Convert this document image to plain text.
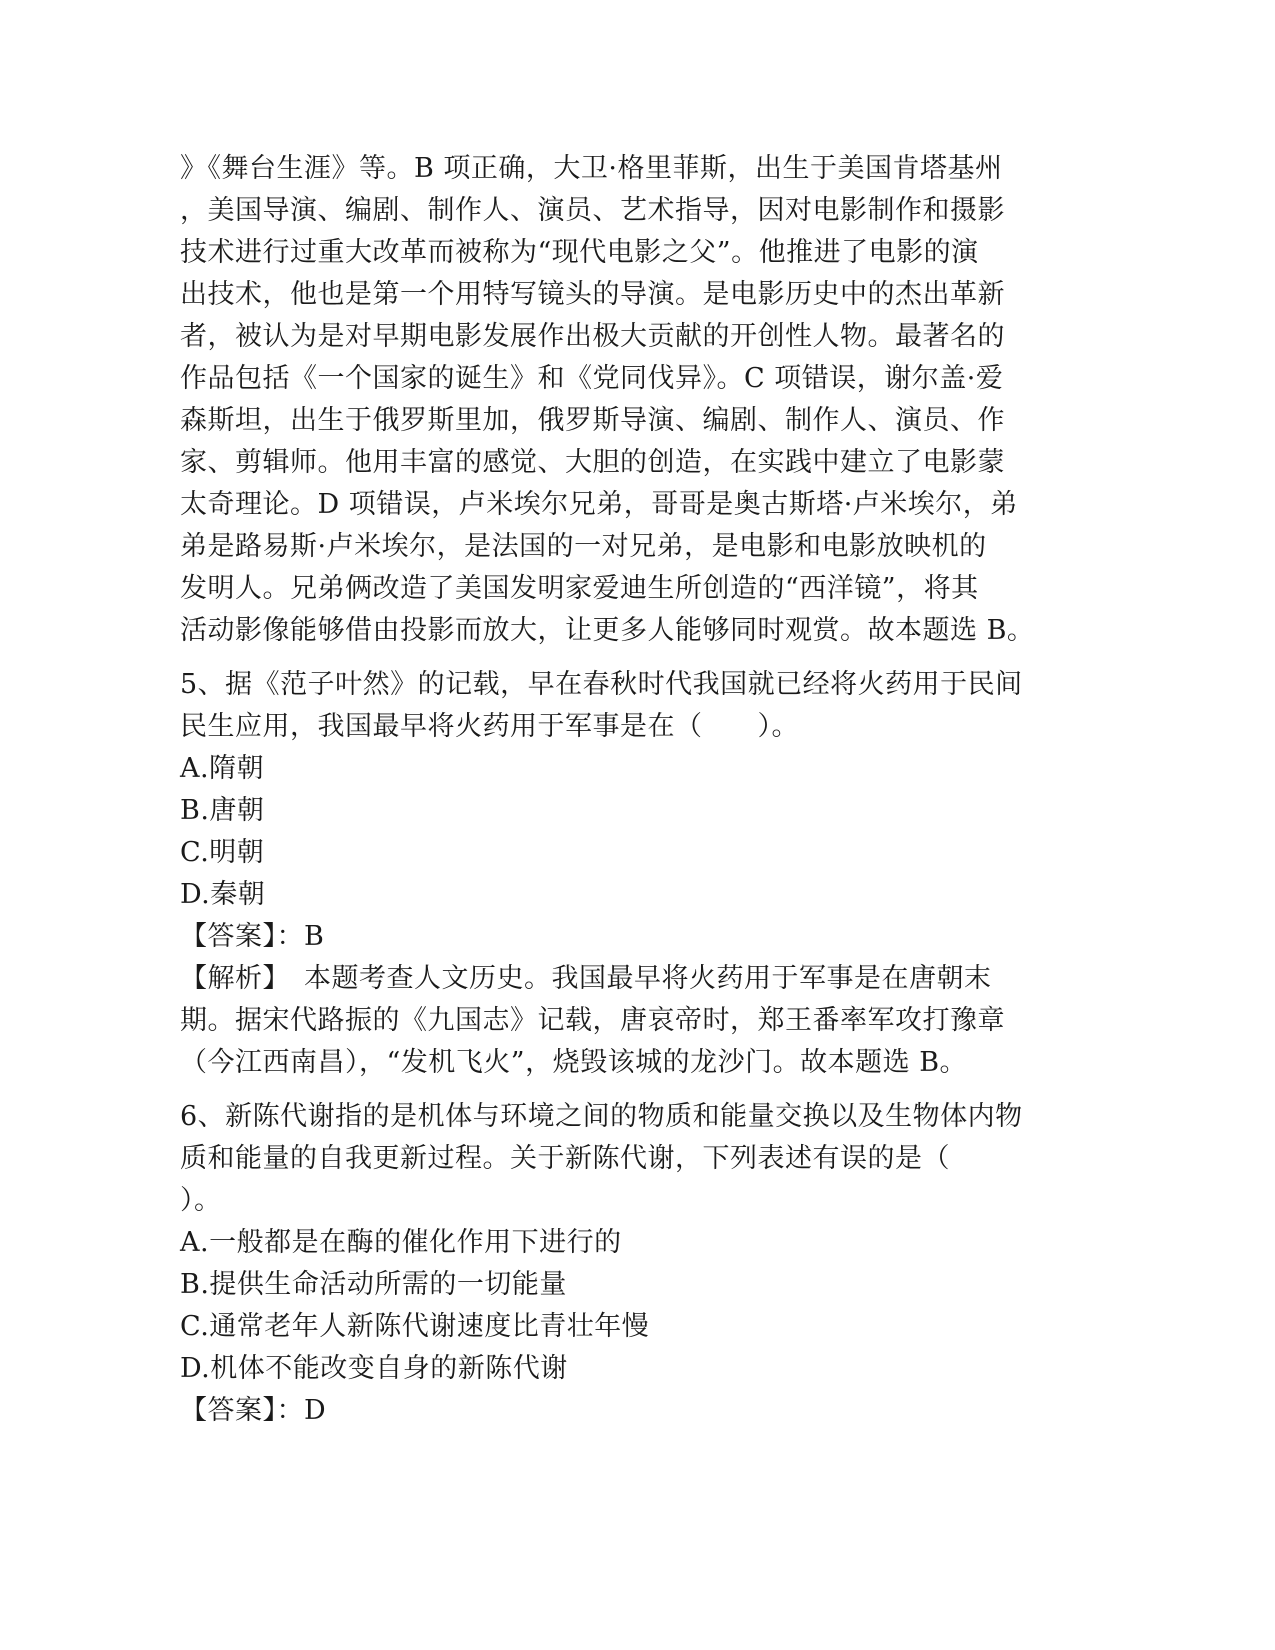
》《舞台生涯》等。B 项正确，大卫·格里菲斯，出生于美国肯塔基州
，美国导演、编剧、制作人、演员、艺术指导，因对电影制作和摄影
技术进行过重大改革而被称为“现代电影之父”。他推进了电影的演
出技术，他也是第一个用特写镜头的导演。是电影历史中的杰出革新
者，被认为是对早期电影发展作出极大贡献的开创性人物。最著名的
作品包括《一个国家的诞生》和《党同伐异》。C 项错误，谢尔盖·爱
森斯坦，出生于俄罗斯里加，俄罗斯导演、编剧、制作人、演员、作
家、剪辑师。他用丰富的感觉、大胆的创造，在实践中建立了电影蒙
太奇理论。D 项错误，卢米埃尔兄弟，哥哥是奥古斯塔·卢米埃尔，弟
弟是路易斯·卢米埃尔，是法国的一对兄弟，是电影和电影放映机的
发明人。兄弟俩改造了美国发明家爱迪生所创造的“西洋镜”，将其
活动影像能够借由投影而放大，让更多人能够同时观赏。故本题选 B。
5、据《范子叶然》的记载，早在春秋时代我国就已经将火药用于民间
民生应用，我国最早将火药用于军事是在（　　）。
A.隋朝
B.唐朝
C.明朝
D.秦朝
【答案】：B
【解析】　本题考查人文历史。我国最早将火药用于军事是在唐朝末
期。据宋代路振的《九国志》记载，唐哀帝时，郑王番率军攻打豫章
（今江西南昌），“发机飞火”，烧毁该城的龙沙门。故本题选 B。
6、新陈代谢指的是机体与环境之间的物质和能量交换以及生物体内物
质和能量的自我更新过程。关于新陈代谢，下列表述有误的是（
）。
A.一般都是在酶的催化作用下进行的
B.提供生命活动所需的一切能量
C.通常老年人新陈代谢速度比青壮年慢
D.机体不能改变自身的新陈代谢
【答案】：D
